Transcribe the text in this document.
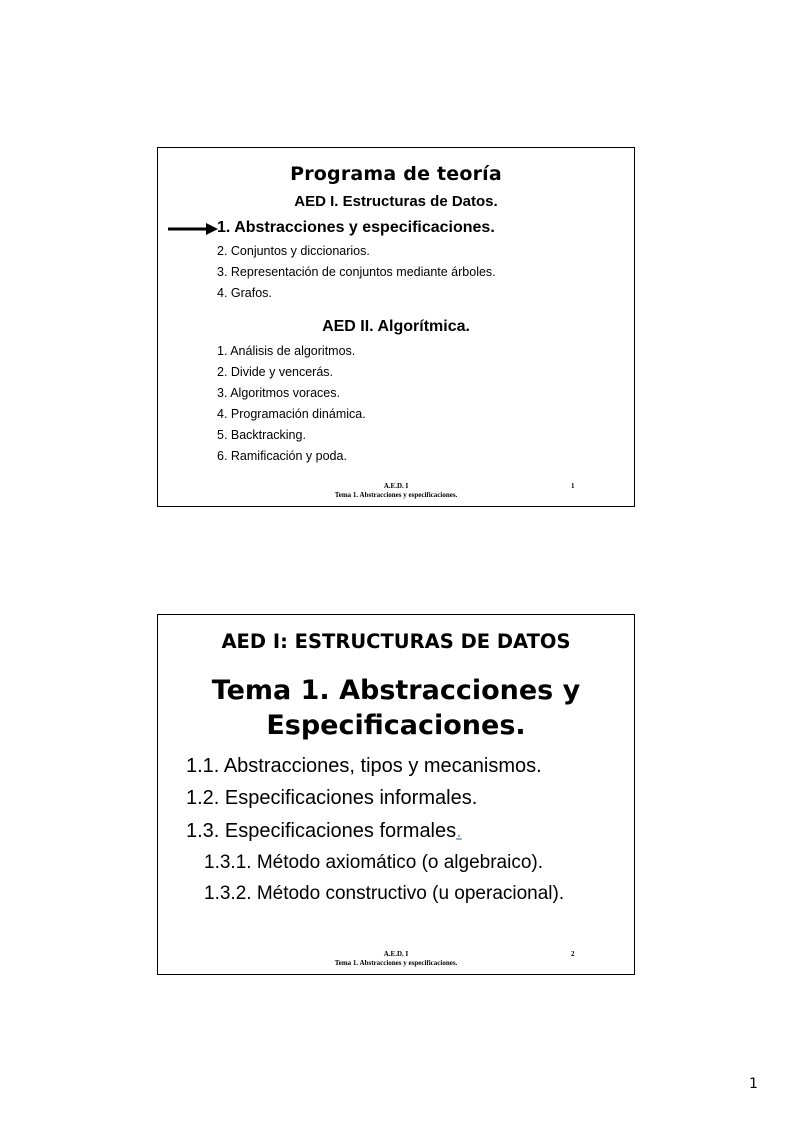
Programa de teoría
AED I. Estructuras de Datos.
1. Abstracciones y especificaciones.
2. Conjuntos y diccionarios.
3. Representación de conjuntos mediante árboles.
4. Grafos.
AED II. Algorítmica.
1. Análisis de algoritmos.
2. Divide y vencerás.
3. Algoritmos voraces.
4. Programación dinámica.
5. Backtracking.
6. Ramificación y poda.
A.E.D. I
Tema 1. Abstracciones y especificaciones.
1
AED I: ESTRUCTURAS DE DATOS
Tema 1. Abstracciones y
Especificaciones.
1.1. Abstracciones, tipos y mecanismos.
1.2. Especificaciones informales.
1.3. Especificaciones formales.
1.3.1. Método axiomático (o algebraico).
1.3.2. Método constructivo (u operacional).
A.E.D. I
Tema 1. Abstracciones y especificaciones.
2
1
